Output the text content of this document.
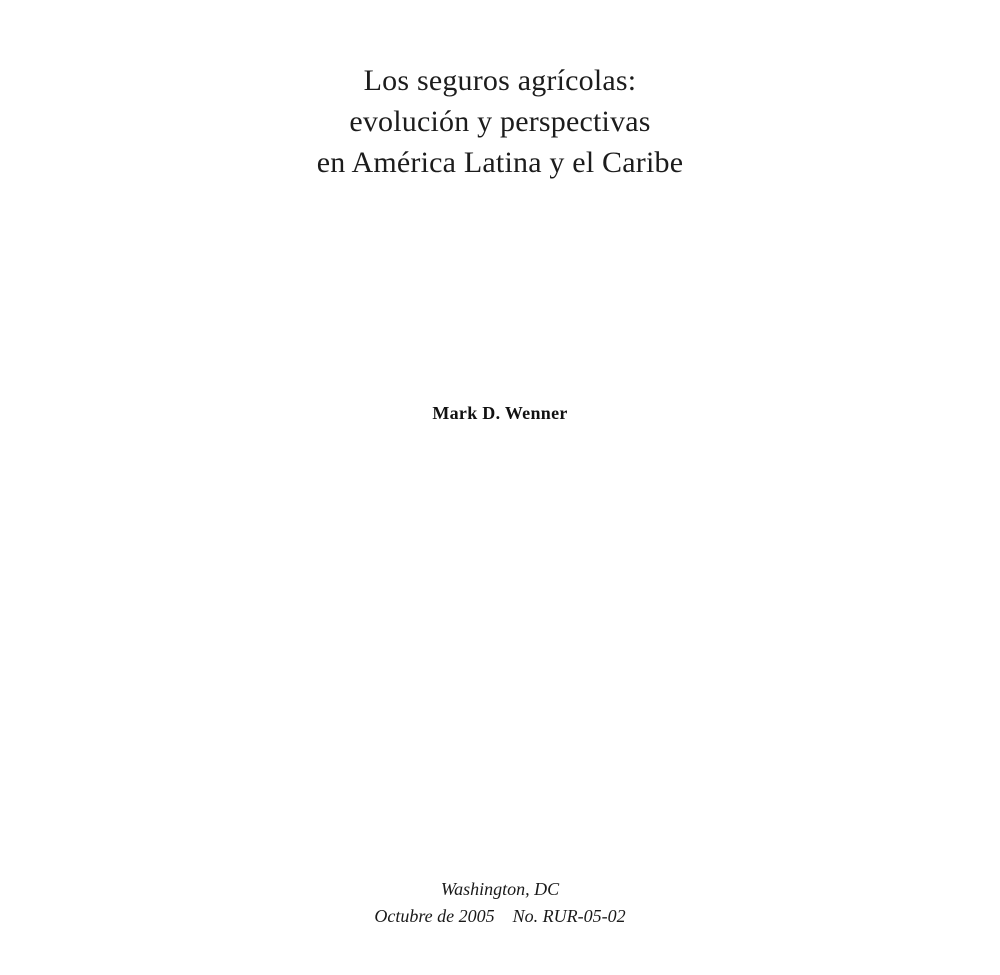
Los seguros agrícolas:
evolución y perspectivas
en América Latina y el Caribe
Mark D. Wenner
Washington, DC
Octubre de 2005 No. RUR-05-02
